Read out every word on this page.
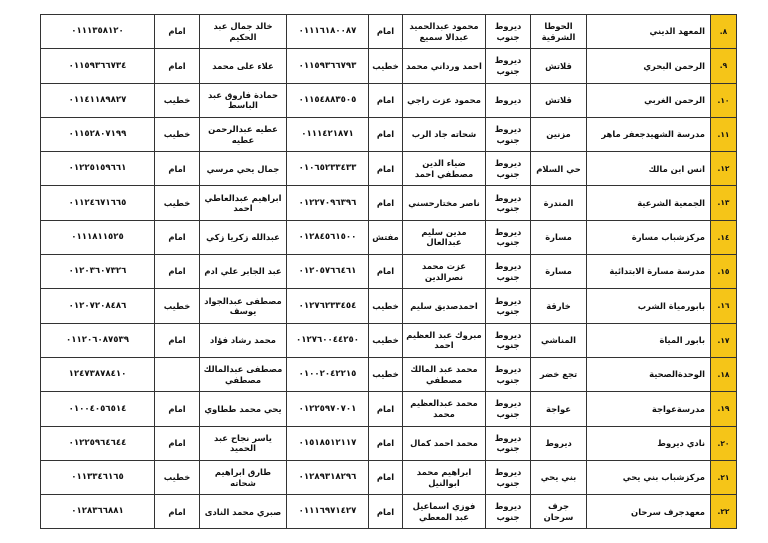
٨.	المعهد الديني	الحوطا الشرقية	ديروط جنوب	محمود عبدالحميد عبدالا سميع	امام	٠١١١٦١٨٠٠٨٧	خالد جمال عبد الحكيم	امام	٠١١١٣٥٨١٢٠
٩.	الرحمن البحري	قلاتش	ديروط جنوب	احمد ورداني محمد	خطيب	٠١١٥٩٣٦٦٧٩٣	علاء على محمد	امام	٠١١٥٩٣٦٦٧٣٤
١٠.	الرحمن الغربي	قلاتش	ديروط	محمود عزت راجي	امام	٠١١٥٤٨٨٣٥٠٥	حمادة فاروق عبد الباسط	خطيب	٠١١٤١١٨٩٨٢٧
١١.	مدرسة الشهيدجعفر ماهر	مزنين	ديروط جنوب	شحاته جاد الرب	امام	٠١١١٤٢١٨٧١	عطيه عبدالرحمن عطيه	خطيب	٠١١٥٢٨٠٧١٩٩
١٢.	انس ابن مالك	حي السلام	ديروط جنوب	ضياء الدين مصطفي احمد	امام	٠١٠٦٥٢٣٣٤٣٣	جمال يحي مرسي	امام	٠١٢٢٥١٥٩٦٦١
١٣.	الجمعية الشرعية	المندرة	ديروط جنوب	ناصر مختارحسني	امام	٠١٢٢٧٠٩٦٣٩٦	ابراهيم عبدالعاطي احمد	خطيب	٠١١٢٤٦٧١٦٦٥
١٤.	مركزشباب مسارة	مسارة	ديروط جنوب	مدين سليم عبدالعال	مفتش	٠١٢٨٤٥٦١٥٠٠	عبدالله زكريا زكي	امام	٠١١١٨١١٥٢٥
١٥.	مدرسة مسارة الابتدائية	مسارة	ديروط جنوب	عزت محمد نصرالدين	امام	٠١٢٠٥٧٦٦٤٦١	عبد الجابر علي ادم	امام	٠١٢٠٣٦٠٧٣٢٦
١٦.	بابورمياة الشرب	خارقة	ديروط جنوب	احمدصديق سليم	خطيب	٠١٢٧٦٢٣٣٤٥٤	مصطفى عبدالجواد يوسف	خطيب	٠١٢٠٧٢٠٨٤٨٦
١٧.	بابور المياة	المناشي	ديروط جنوب	مبروك عبد العظيم احمد	خطيب	٠١٢٧٦٠٠٤٤٢٥٠	محمد رشاد فؤاد	امام	٠١١٢٠٦٠٨٧٥٣٩
١٨.	الوحدةالصحية	تجع خضر	ديروط جنوب	محمد عبد المالك مصطفي	خطيب	٠١٠٠٢٠٤٢٢١٥	مصطفى عبدالمالك مصطفي		١٢٤٧٣٨٧٨٤١٠
١٩.	مدرسةعواجة	عواجة	ديروط جنوب	محمد عبدالعظيم محمد	امام	٠١٢٢٥٩٧٠٧٠١	يحي محمد ططاوي	امام	٠١٠٠٤٠٥٦٥١٤
٢٠.	نادي ديروط	ديروط	ديروط جنوب	محمد احمد كمال	امام	٠١٥١٨٥١٢١١٧	ياسر نجاح عبد الحميد	امام	٠١٢٢٥٩٦٤٦٤٤
٢١.	مركزشباب بني يحي	بني يحي	ديروط جنوب	ابراهيم محمد ابوالنيل	امام	٠١٢٨٩٣١٨٢٩٦	طارق ابراهيم شحاته	خطيب	٠١١٣٣٤٦١٦٥
٢٢.	معهدجرف سرحان	جرف سرحان	ديروط جنوب	فوزي اسماعيل عبد المعطي	امام	٠١١١٦٩٧١٤٢٧	صبري محمد النادى	امام	٠١٢٨٣٦٦٨٨١
